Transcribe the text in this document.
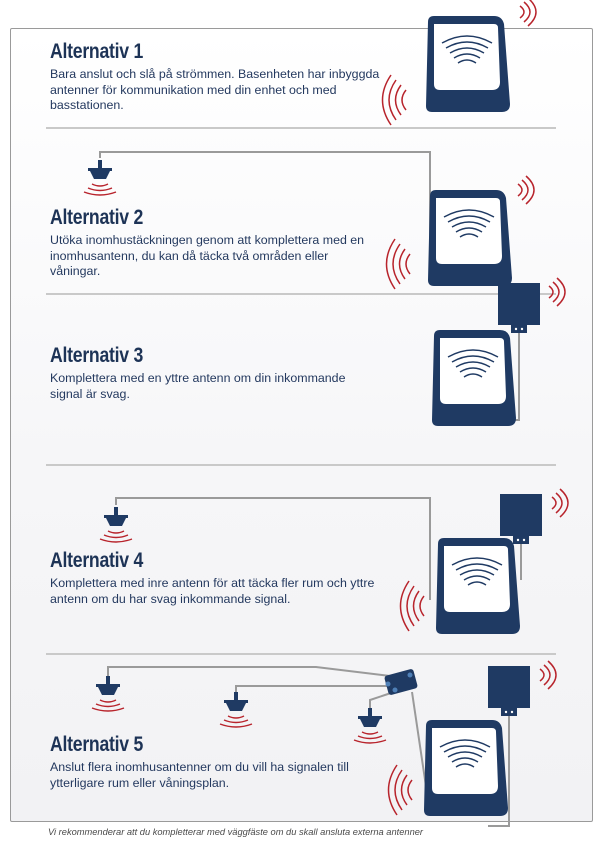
Alternativ 1

Bara anslut och slå på strömmen. Basenheten har inbyggda antenner för kommunikation med din enhet och med basstationen.

Alternativ 2

Utöka inomhustäckningen genom att komplettera med en inomhusantenn, du kan då täcka två områden eller våningar.

Alternativ 3

Komplettera med en yttre antenn om din inkommande signal är svag.

Alternativ 4

Komplettera med inre antenn för att täcka fler rum och yttre antenn om du har svag inkommande signal.

Alternativ 5

Anslut flera inomhusantenner om du vill ha signalen till ytterligare rum eller våningsplan.

Vi rekommenderar att du kompletterar med väggfäste om du skall ansluta externa antenner
